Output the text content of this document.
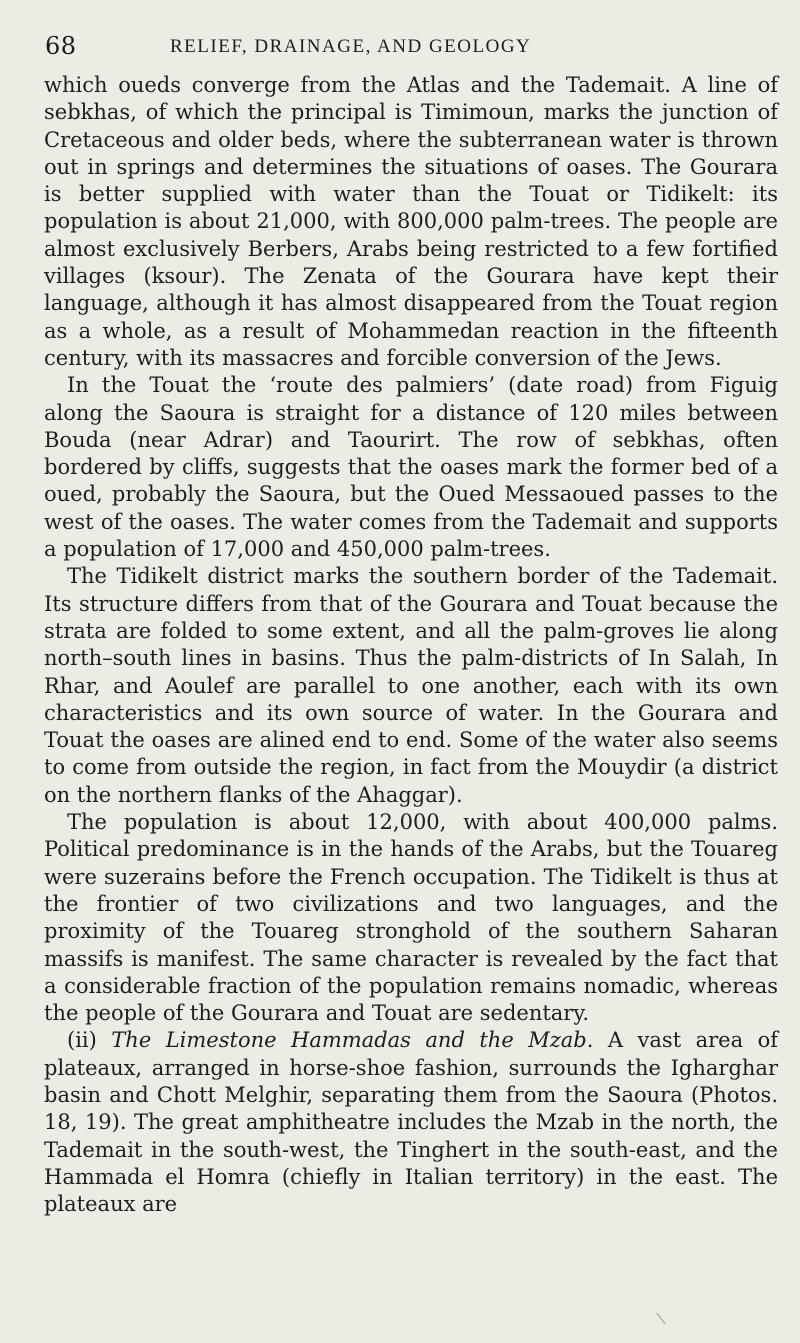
68	RELIEF, DRAINAGE, AND GEOLOGY

which oueds converge from the Atlas and the Tademait. A line of sebkhas, of which the principal is Timimoun, marks the junction of Cretaceous and older beds, where the subterranean water is thrown out in springs and determines the situations of oases. The Gourara is better supplied with water than the Touat or Tidikelt: its population is about 21,000, with 800,000 palm-trees. The people are almost exclusively Berbers, Arabs being restricted to a few fortified villages (ksour). The Zenata of the Gourara have kept their language, although it has almost disappeared from the Touat region as a whole, as a result of Mohammedan reaction in the fifteenth century, with its massacres and forcible conversion of the Jews.

In the Touat the ‘route des palmiers’ (date road) from Figuig along the Saoura is straight for a distance of 120 miles between Bouda (near Adrar) and Taourirt. The row of sebkhas, often bordered by cliffs, suggests that the oases mark the former bed of a oued, probably the Saoura, but the Oued Messaoued passes to the west of the oases. The water comes from the Tademait and supports a population of 17,000 and 450,000 palm-trees.

The Tidikelt district marks the southern border of the Tademait. Its structure differs from that of the Gourara and Touat because the strata are folded to some extent, and all the palm-groves lie along north–south lines in basins. Thus the palm-districts of In Salah, In Rhar, and Aoulef are parallel to one another, each with its own characteristics and its own source of water. In the Gourara and Touat the oases are alined end to end. Some of the water also seems to come from outside the region, in fact from the Mouydir (a district on the northern flanks of the Ahaggar).

The population is about 12,000, with about 400,000 palms. Political predominance is in the hands of the Arabs, but the Touareg were suzerains before the French occupation. The Tidikelt is thus at the frontier of two civilizations and two languages, and the proximity of the Touareg stronghold of the southern Saharan massifs is manifest. The same character is revealed by the fact that a considerable fraction of the population remains nomadic, whereas the people of the Gourara and Touat are sedentary.

(ii) The Limestone Hammadas and the Mzab. A vast area of plateaux, arranged in horse-shoe fashion, surrounds the Igharghar basin and Chott Melghir, separating them from the Saoura (Photos. 18, 19). The great amphitheatre includes the Mzab in the north, the Tademait in the south-west, the Tinghert in the south-east, and the Hammada el Homra (chiefly in Italian territory) in the east. The plateaux are
